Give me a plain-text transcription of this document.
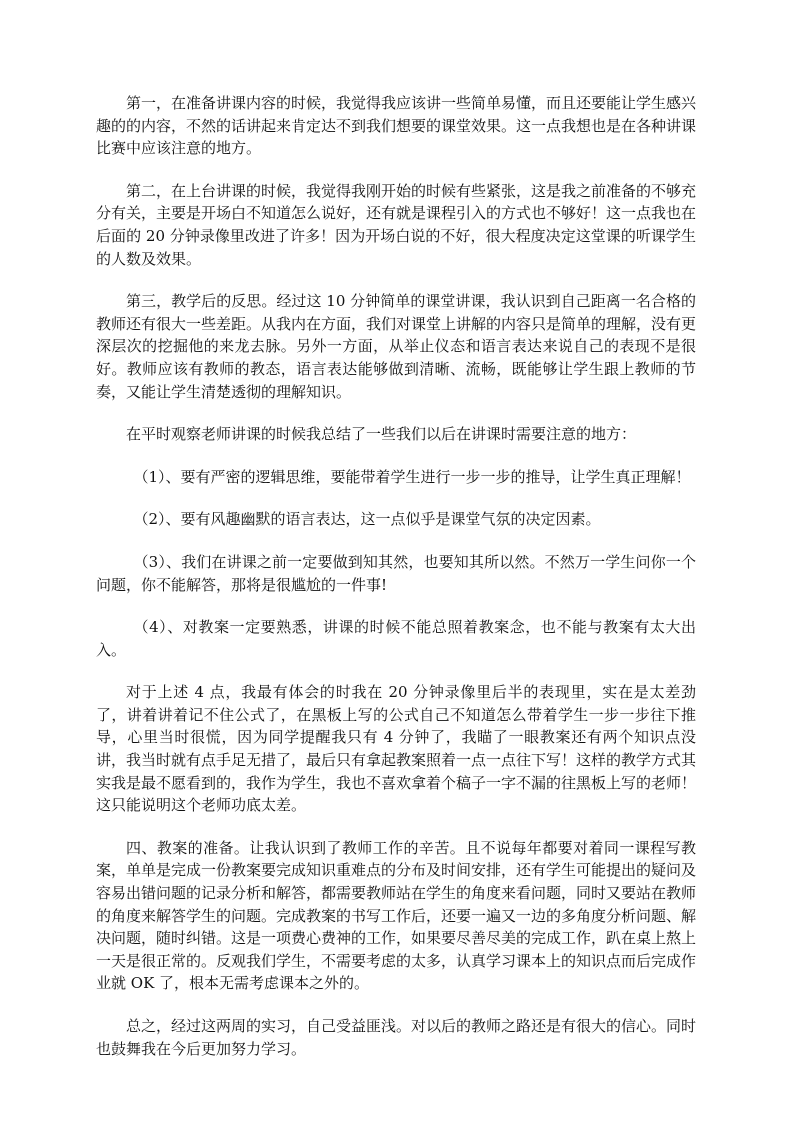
第一，在准备讲课内容的时候，我觉得我应该讲一些简单易懂，而且还要能让学生感兴趣的的内容，不然的话讲起来肯定达不到我们想要的课堂效果。这一点我想也是在各种讲课比赛中应该注意的地方。

第二，在上台讲课的时候，我觉得我刚开始的时候有些紧张，这是我之前准备的不够充分有关，主要是开场白不知道怎么说好，还有就是课程引入的方式也不够好！这一点我也在后面的 20 分钟录像里改进了许多！因为开场白说的不好，很大程度决定这堂课的听课学生的人数及效果。

第三，教学后的反思。经过这 10 分钟简单的课堂讲课，我认识到自己距离一名合格的教师还有很大一些差距。从我内在方面，我们对课堂上讲解的内容只是简单的理解，没有更深层次的挖掘他的来龙去脉。另外一方面，从举止仪态和语言表达来说自己的表现不是很好。教师应该有教师的教态，语言表达能够做到清晰、流畅，既能够让学生跟上教师的节奏，又能让学生清楚透彻的理解知识。

在平时观察老师讲课的时候我总结了一些我们以后在讲课时需要注意的地方：

（1）、要有严密的逻辑思维，要能带着学生进行一步一步的推导，让学生真正理解！

（2）、要有风趣幽默的语言表达，这一点似乎是课堂气氛的决定因素。

（3）、我们在讲课之前一定要做到知其然，也要知其所以然。不然万一学生问你一个问题，你不能解答，那将是很尴尬的一件事!

（4）、对教案一定要熟悉，讲课的时候不能总照着教案念，也不能与教案有太大出入。

对于上述 4 点，我最有体会的时我在 20 分钟录像里后半的表现里，实在是太差劲了，讲着讲着记不住公式了，在黑板上写的公式自己不知道怎么带着学生一步一步往下推导，心里当时很慌，因为同学提醒我只有 4 分钟了，我瞄了一眼教案还有两个知识点没讲，我当时就有点手足无措了，最后只有拿起教案照着一点一点往下写！这样的教学方式其实我是最不愿看到的，我作为学生，我也不喜欢拿着个稿子一字不漏的往黑板上写的老师！这只能说明这个老师功底太差。

四、教案的准备。让我认识到了教师工作的辛苦。且不说每年都要对着同一课程写教案，单单是完成一份教案要完成知识重难点的分布及时间安排，还有学生可能提出的疑问及容易出错问题的记录分析和解答，都需要教师站在学生的角度来看问题，同时又要站在教师的角度来解答学生的问题。完成教案的书写工作后，还要一遍又一边的多角度分析问题、解决问题，随时纠错。这是一项费心费神的工作，如果要尽善尽美的完成工作，趴在桌上熬上一天是很正常的。反观我们学生，不需要考虑的太多，认真学习课本上的知识点而后完成作业就 OK 了，根本无需考虑课本之外的。

总之，经过这两周的实习，自己受益匪浅。对以后的教师之路还是有很大的信心。同时也鼓舞我在今后更加努力学习。
